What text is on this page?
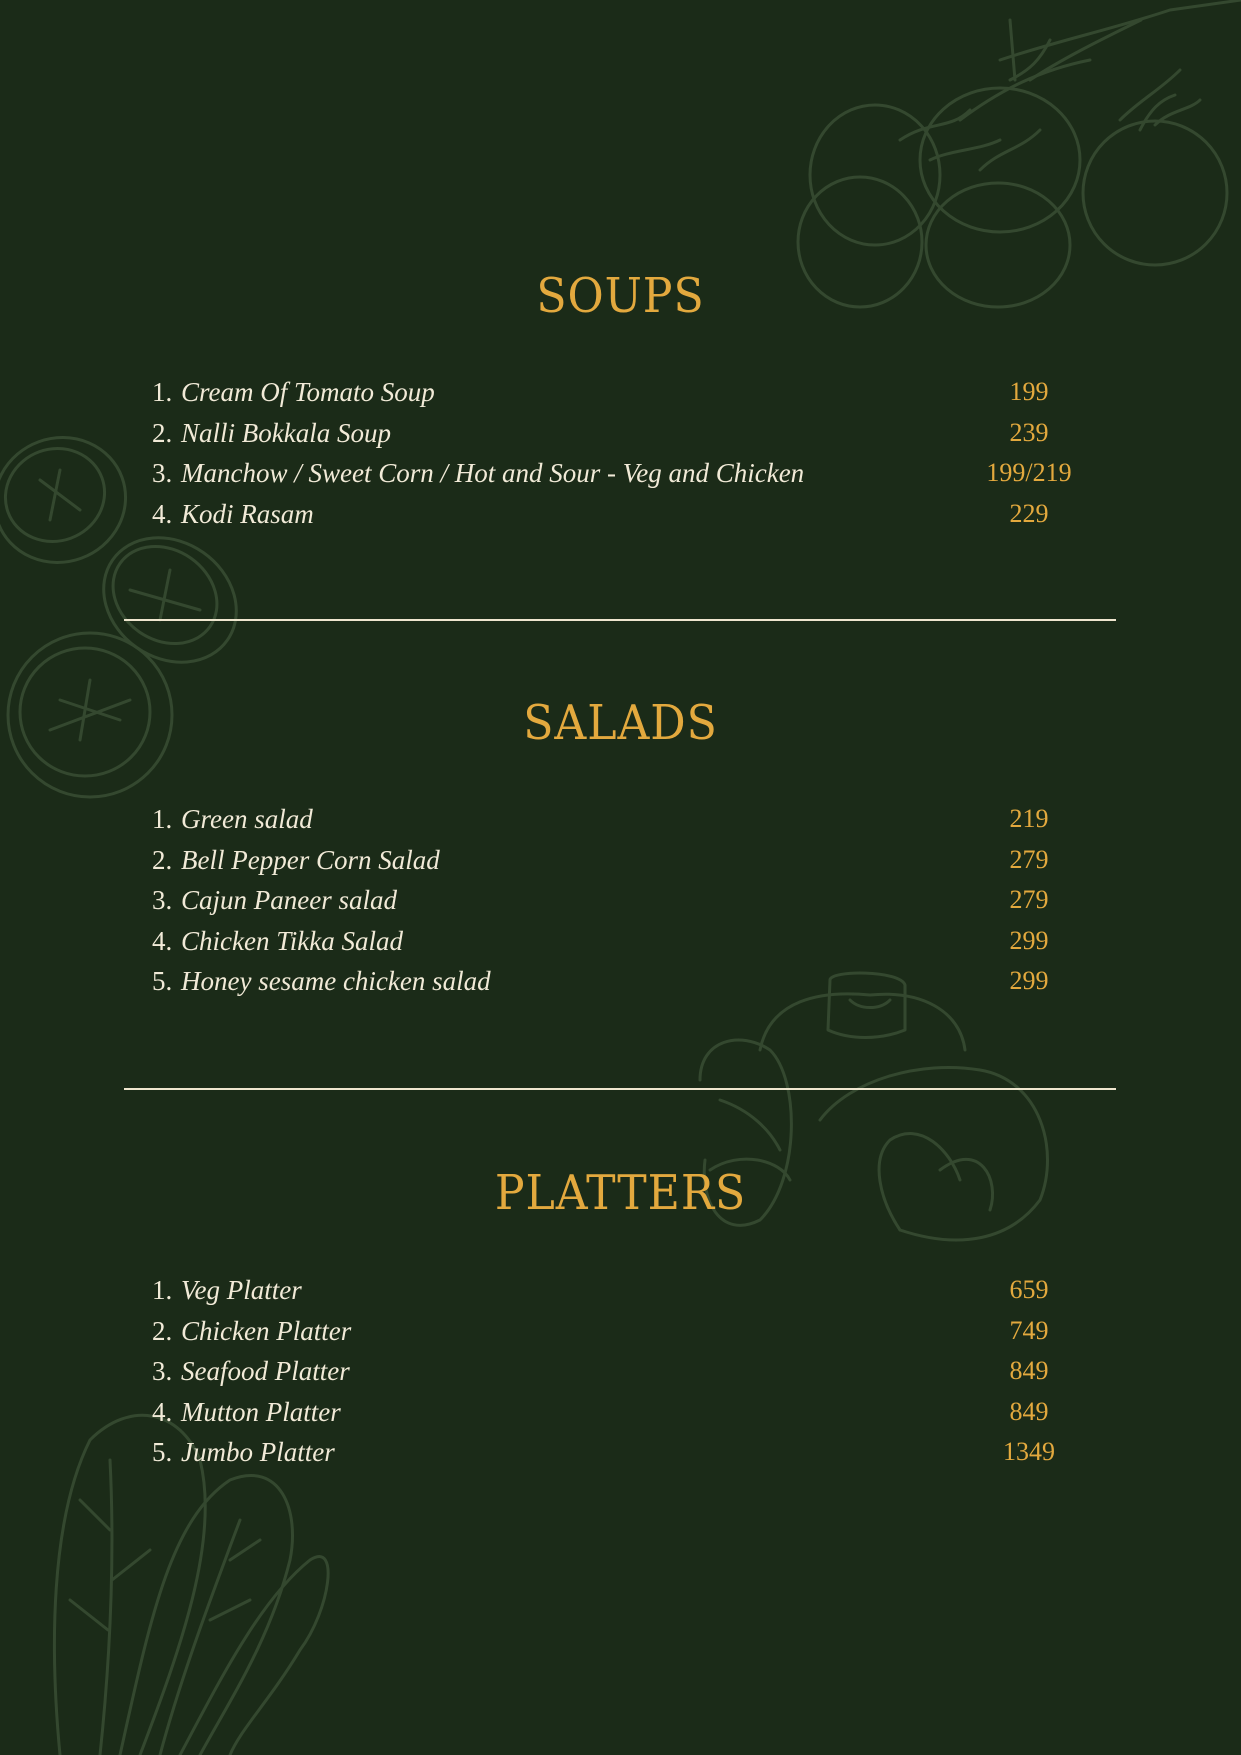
SOUPS
1. Cream Of Tomato Soup	199
2. Nalli Bokkala Soup	239
3. Manchow / Sweet Corn / Hot and Sour - Veg and Chicken	199/219
4. Kodi Rasam	229
SALADS
1. Green salad	219
2. Bell Pepper Corn Salad	279
3. Cajun Paneer salad	279
4. Chicken Tikka Salad	299
5. Honey sesame chicken salad	299
PLATTERS
1. Veg Platter	659
2. Chicken Platter	749
3. Seafood Platter	849
4. Mutton Platter	849
5. Jumbo Platter	1349
